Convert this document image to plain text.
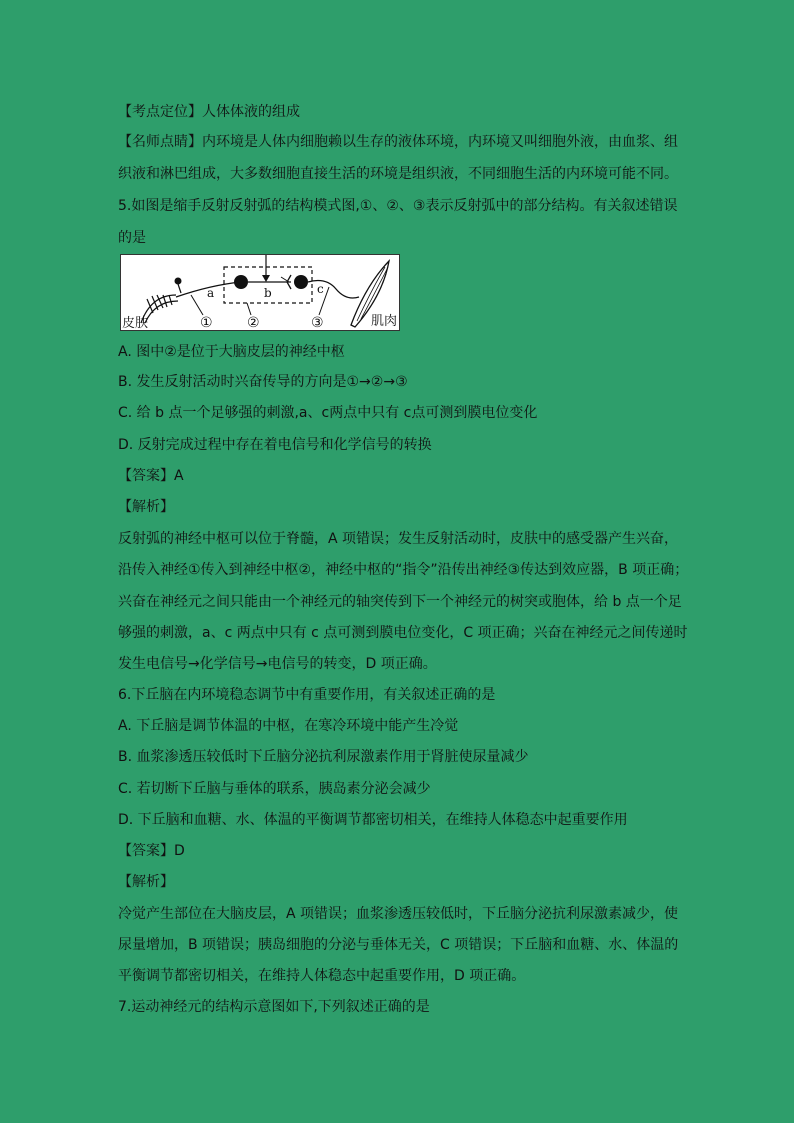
【考点定位】人体体液的组成
【名师点睛】内环境是人体内细胞赖以生存的液体环境，内环境又叫细胞外液，由血浆、组
织液和淋巴组成，大多数细胞直接生活的环境是组织液，不同细胞生活的内环境可能不同。
5.如图是缩手反射反射弧的结构模式图,①、②、③表示反射弧中的部分结构。有关叙述错误
的是
a	b	c
① ②	③
皮肤	肌肉
A. 图中②是位于大脑皮层的神经中枢
B. 发生反射活动时兴奋传导的方向是①→②→③
C. 给 b 点一个足够强的刺激,a、c两点中只有 c点可测到膜电位变化
D. 反射完成过程中存在着电信号和化学信号的转换
【答案】A
【解析】
反射弧的神经中枢可以位于脊髓，A 项错误；发生反射活动时，皮肤中的感受器产生兴奋，
沿传入神经①传入到神经中枢②，神经中枢的“指令”沿传出神经③传达到效应器，B 项正确；
兴奋在神经元之间只能由一个神经元的轴突传到下一个神经元的树突或胞体，给 b 点一个足
够强的刺激，a、c 两点中只有 c 点可测到膜电位变化，C 项正确；兴奋在神经元之间传递时
发生电信号→化学信号→电信号的转变，D 项正确。
6.下丘脑在内环境稳态调节中有重要作用，有关叙述正确的是
A. 下丘脑是调节体温的中枢，在寒冷环境中能产生冷觉
B. 血浆渗透压较低时下丘脑分泌抗利尿激素作用于肾脏使尿量减少
C. 若切断下丘脑与垂体的联系，胰岛素分泌会减少
D. 下丘脑和血糖、水、体温的平衡调节都密切相关，在维持人体稳态中起重要作用
【答案】D
【解析】
冷觉产生部位在大脑皮层，A 项错误；血浆渗透压较低时，下丘脑分泌抗利尿激素减少，使
尿量增加，B 项错误；胰岛细胞的分泌与垂体无关，C 项错误；下丘脑和血糖、水、体温的
平衡调节都密切相关，在维持人体稳态中起重要作用，D 项正确。
7.运动神经元的结构示意图如下,下列叙述正确的是
